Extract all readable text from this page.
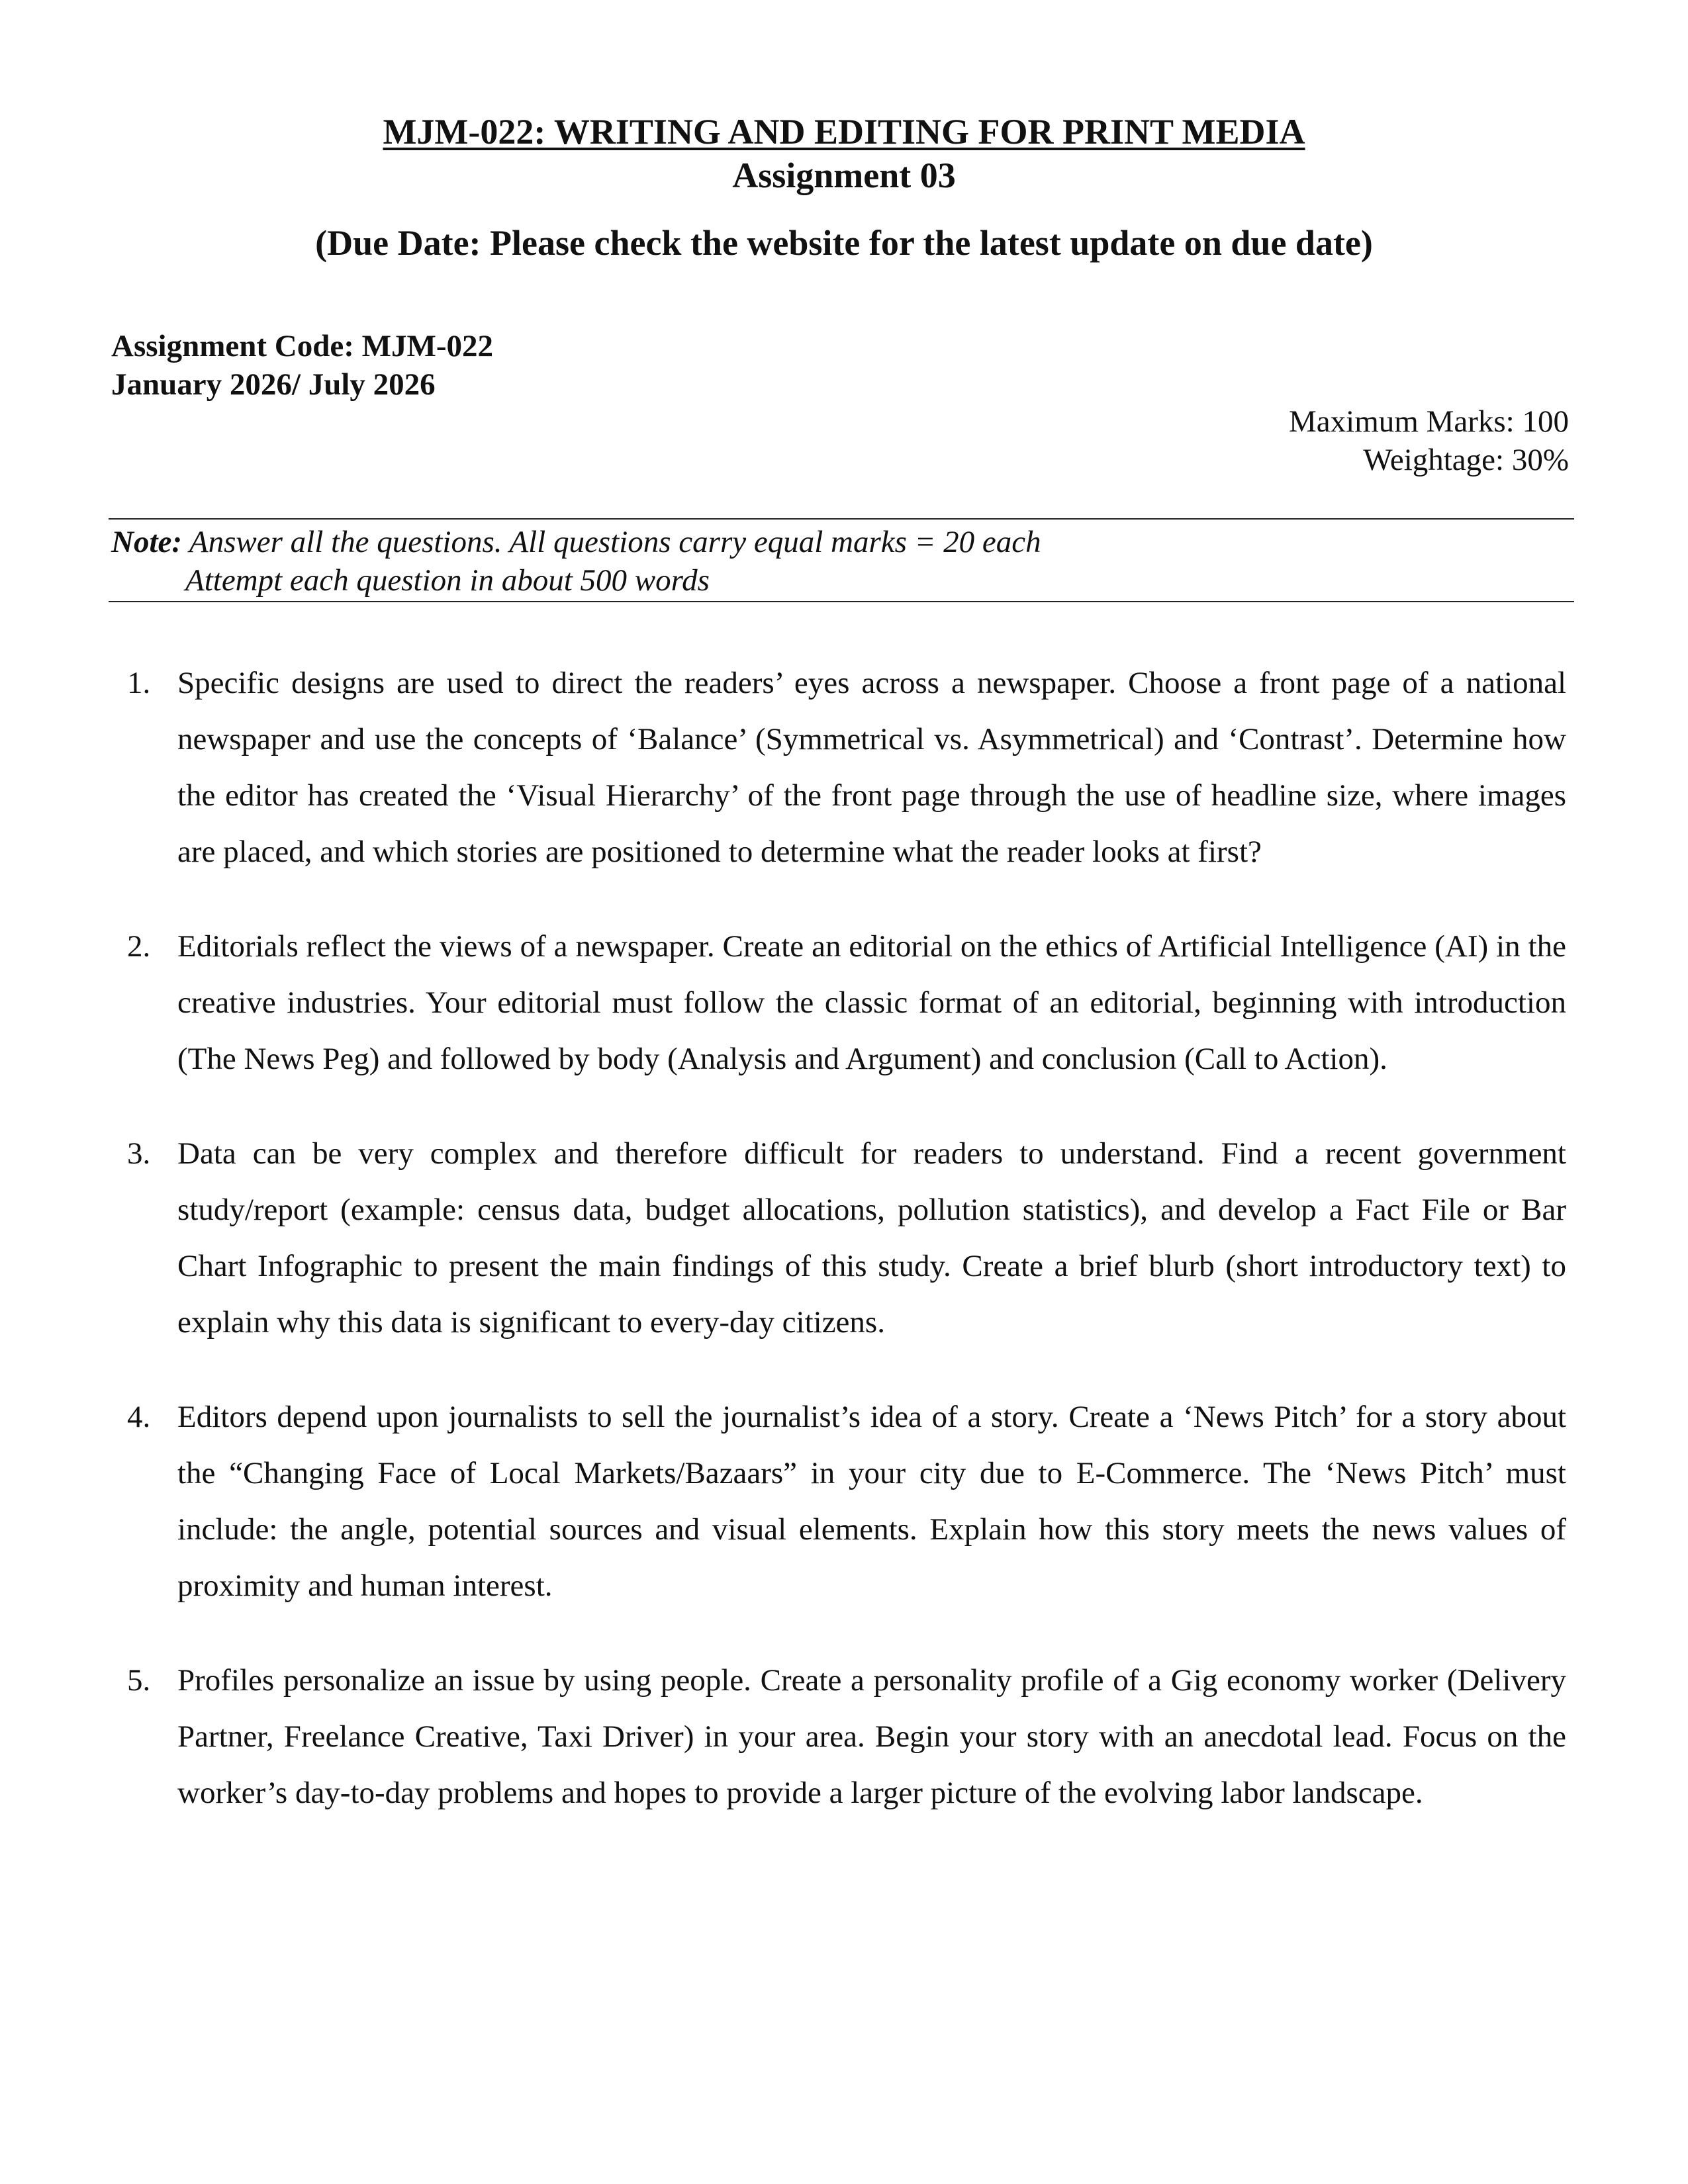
MJM-022: WRITING AND EDITING FOR PRINT MEDIA
Assignment 03
(Due Date: Please check the website for the latest update on due date)
Assignment Code: MJM-022
January 2026/ July 2026
Maximum Marks: 100
Weightage: 30%
Note: Answer all the questions. All questions carry equal marks = 20 each
Attempt each question in about 500 words
1. Specific designs are used to direct the readers’ eyes across a newspaper. Choose a front page of a national newspaper and use the concepts of ‘Balance’ (Symmetrical vs. Asymmetrical) and ‘Contrast’. Determine how the editor has created the ‘Visual Hierarchy’ of the front page through the use of headline size, where images are placed, and which stories are positioned to determine what the reader looks at first?
2. Editorials reflect the views of a newspaper. Create an editorial on the ethics of Artificial Intelligence (AI) in the creative industries. Your editorial must follow the classic format of an editorial, beginning with introduction (The News Peg) and followed by body (Analysis and Argument) and conclusion (Call to Action).
3. Data can be very complex and therefore difficult for readers to understand. Find a recent government study/report (example: census data, budget allocations, pollution statistics), and develop a Fact File or Bar Chart Infographic to present the main findings of this study. Create a brief blurb (short introductory text) to explain why this data is significant to every-day citizens.
4. Editors depend upon journalists to sell the journalist’s idea of a story. Create a ‘News Pitch’ for a story about the “Changing Face of Local Markets/Bazaars” in your city due to E-Commerce. The ‘News Pitch’ must include: the angle, potential sources and visual elements. Explain how this story meets the news values of proximity and human interest.
5. Profiles personalize an issue by using people. Create a personality profile of a Gig economy worker (Delivery Partner, Freelance Creative, Taxi Driver) in your area. Begin your story with an anecdotal lead. Focus on the worker’s day-to-day problems and hopes to provide a larger picture of the evolving labor landscape.
